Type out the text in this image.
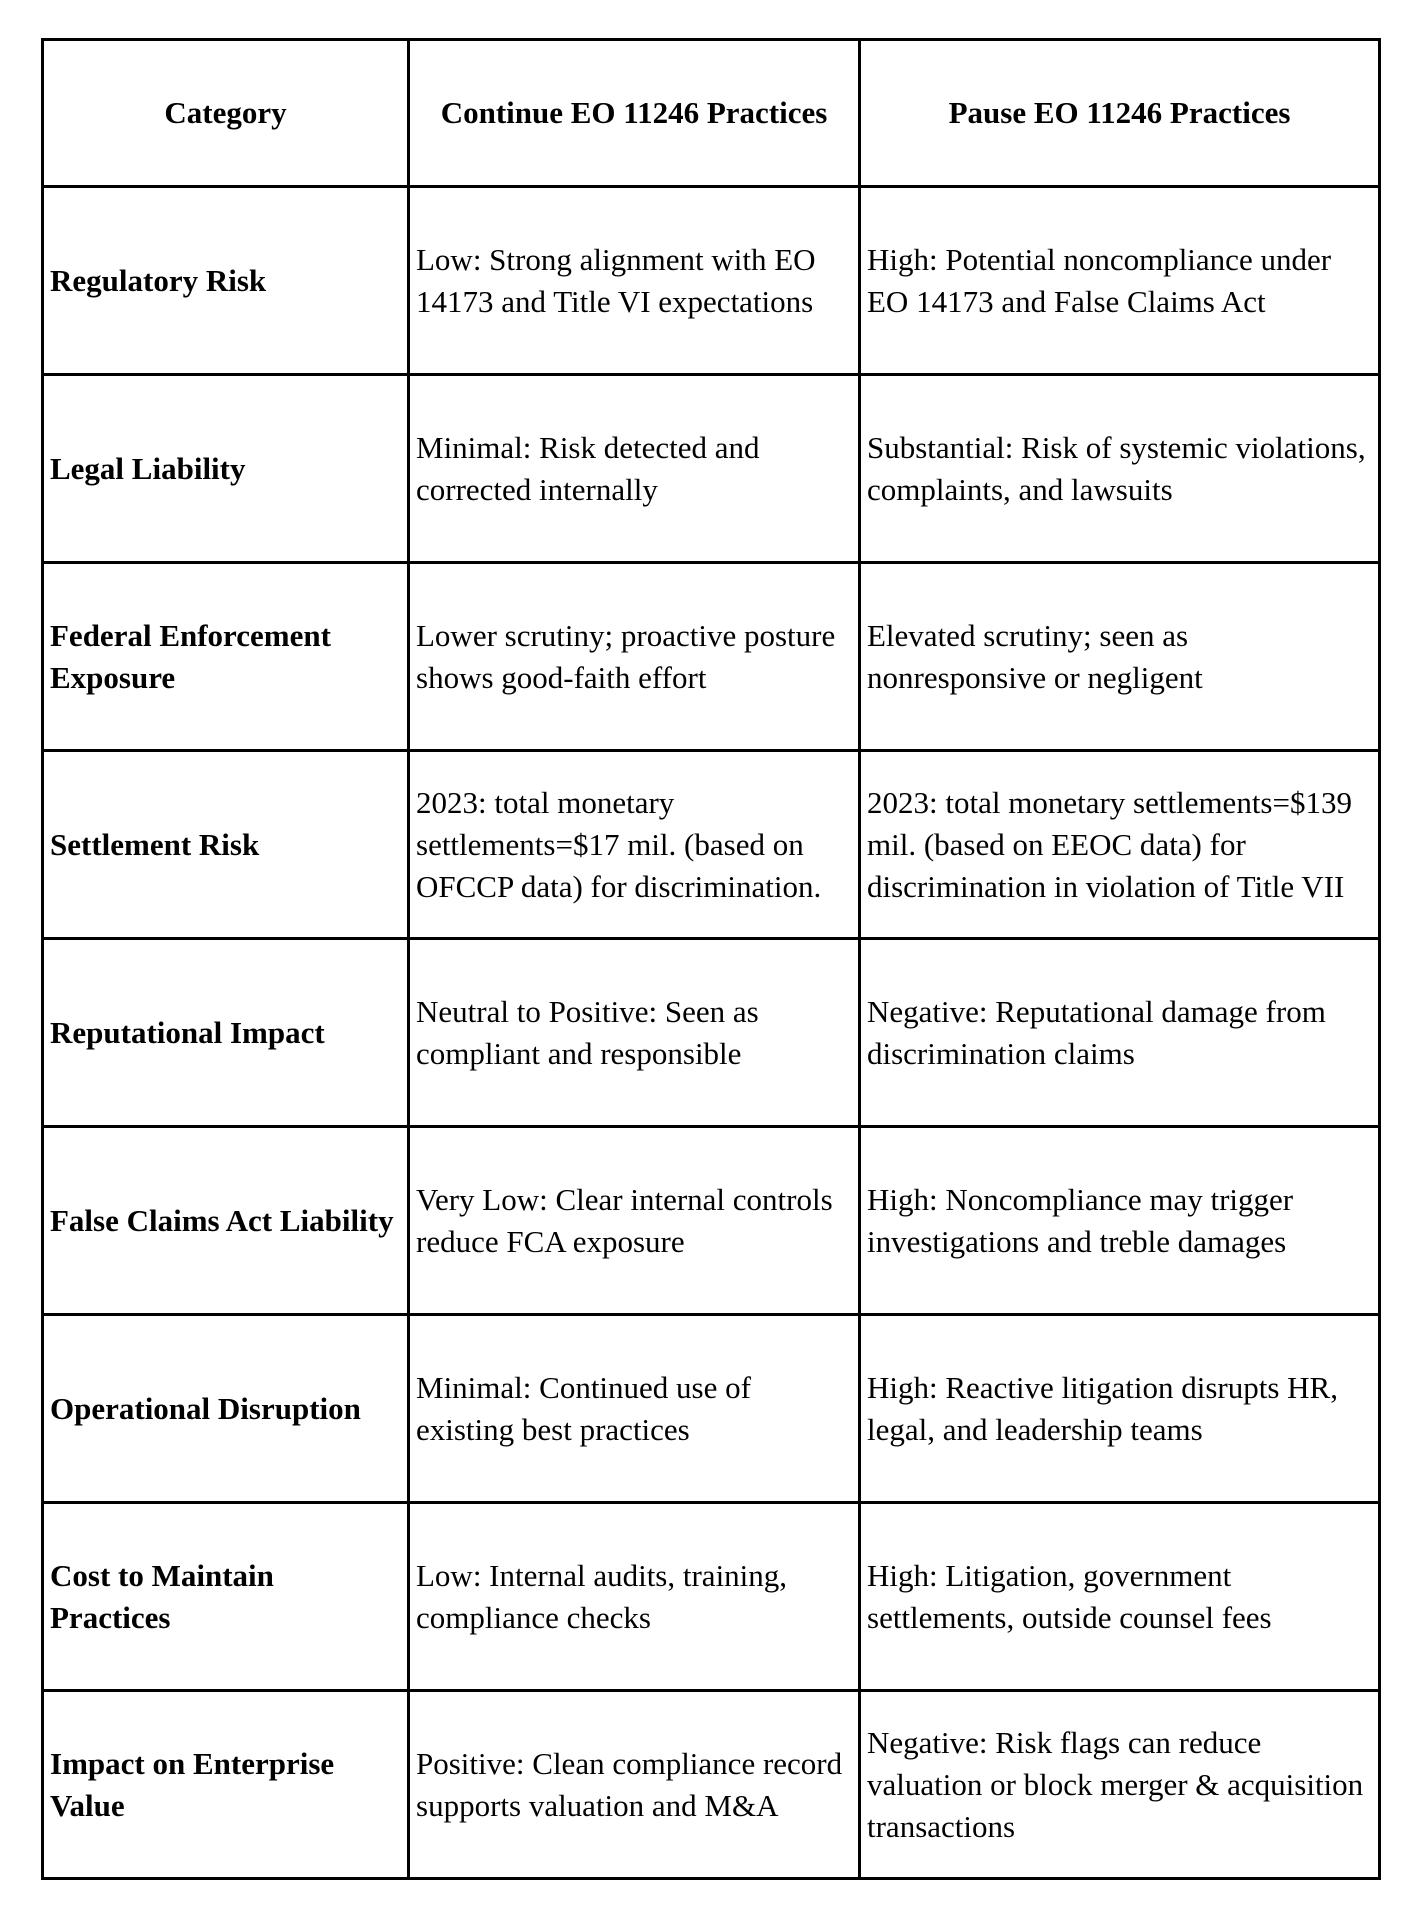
Category	Continue EO 11246 Practices	Pause EO 11246 Practices
Regulatory Risk	Low: Strong alignment with EO 14173 and Title VI expectations	High: Potential noncompliance under EO 14173 and False Claims Act
Legal Liability	Minimal: Risk detected and corrected internally	Substantial: Risk of systemic violations, complaints, and lawsuits
Federal Enforcement Exposure	Lower scrutiny; proactive posture shows good-faith effort	Elevated scrutiny; seen as nonresponsive or negligent
Settlement Risk	2023: total monetary settlements=$17 mil. (based on OFCCP data) for discrimination.	2023: total monetary settlements=$139 mil. (based on EEOC data) for discrimination in violation of Title VII
Reputational Impact	Neutral to Positive: Seen as compliant and responsible	Negative: Reputational damage from discrimination claims
False Claims Act Liability	Very Low: Clear internal controls reduce FCA exposure	High: Noncompliance may trigger investigations and treble damages
Operational Disruption	Minimal: Continued use of existing best practices	High: Reactive litigation disrupts HR, legal, and leadership teams
Cost to Maintain Practices	Low: Internal audits, training, compliance checks	High: Litigation, government settlements, outside counsel fees
Impact on Enterprise Value	Positive: Clean compliance record supports valuation and M&A	Negative: Risk flags can reduce valuation or block merger & acquisition transactions
